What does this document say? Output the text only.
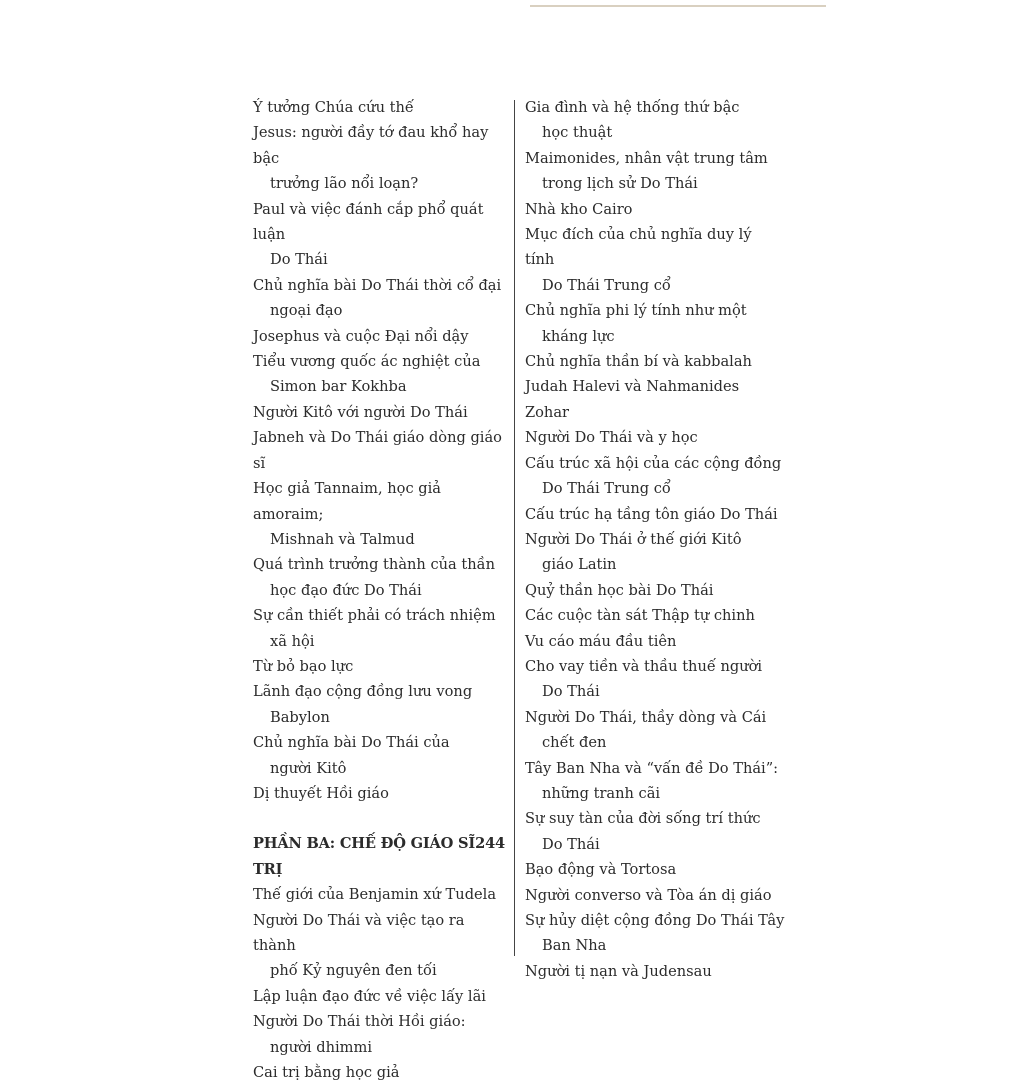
Ý tưởng Chúa cứu thế
Jesus: người đầy tớ đau khổ hay bậc
trưởng lão nổi loạn?
Paul và việc đánh cắp phổ quát luận
Do Thái
Chủ nghĩa bài Do Thái thời cổ đại
ngoại đạo
Josephus và cuộc Đại nổi dậy
Tiểu vương quốc ác nghiệt của
Simon bar Kokhba
Người Kitô với người Do Thái
Jabneh và Do Thái giáo dòng giáo sĩ
Học giả Tannaim, học giả amoraim;
Mishnah và Talmud
Quá trình trưởng thành của thần
học đạo đức Do Thái
Sự cần thiết phải có trách nhiệm
xã hội
Từ bỏ bạo lực
Lãnh đạo cộng đồng lưu vong
Babylon
Chủ nghĩa bài Do Thái của
người Kitô
Dị thuyết Hồi giáo
PHẦN BA: CHẾ ĐỘ GIÁO SĨ TRỊ
244
Thế giới của Benjamin xứ Tudela
Người Do Thái và việc tạo ra thành
phố Kỷ nguyên đen tối
Lập luận đạo đức về việc lấy lãi
Người Do Thái thời Hồi giáo:
người dhimmi
Cai trị bằng học giả
Gia đình và hệ thống thứ bậc
học thuật
Maimonides, nhân vật trung tâm
trong lịch sử Do Thái
Nhà kho Cairo
Mục đích của chủ nghĩa duy lý tính
Do Thái Trung cổ
Chủ nghĩa phi lý tính như một
kháng lực
Chủ nghĩa thần bí và kabbalah
Judah Halevi và Nahmanides
Zohar
Người Do Thái và y học
Cấu trúc xã hội của các cộng đồng
Do Thái Trung cổ
Cấu trúc hạ tầng tôn giáo Do Thái
Người Do Thái ở thế giới Kitô
giáo Latin
Quỷ thần học bài Do Thái
Các cuộc tàn sát Thập tự chinh
Vu cáo máu đầu tiên
Cho vay tiền và thầu thuế người
Do Thái
Người Do Thái, thầy dòng và Cái
chết đen
Tây Ban Nha và “vấn đề Do Thái”:
những tranh cãi
Sự suy tàn của đời sống trí thức
Do Thái
Bạo động và Tortosa
Người converso và Tòa án dị giáo
Sự hủy diệt cộng đồng Do Thái Tây
Ban Nha
Người tị nạn và Judensau
